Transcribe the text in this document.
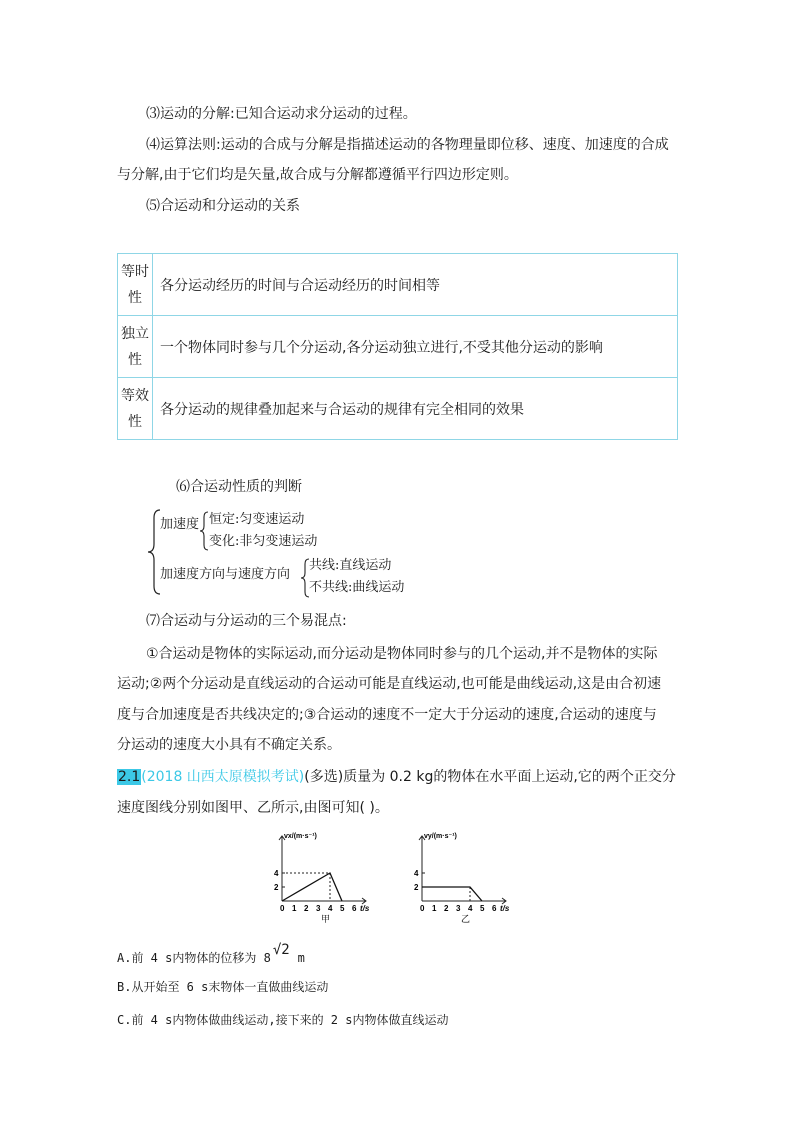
⑶运动的分解:已知合运动求分运动的过程。
⑷运算法则:运动的合成与分解是指描述运动的各物理量即位移、速度、加速度的合成
与分解,由于它们均是矢量,故合成与分解都遵循平行四边形定则。
⑸合运动和分运动的关系
等时
性	各分运动经历的时间与合运动经历的时间相等
独立
性	一个物体同时参与几个分运动,各分运动独立进行,不受其他分运动的影响
等效
性	各分运动的规律叠加起来与合运动的规律有完全相同的效果
⑹合运动性质的判断
加速度 恒定:匀变速运动
变化:非匀变速运动
加速度方向与速度方向
共线:直线运动
不共线:曲线运动
⑺合运动与分运动的三个易混点:
①合运动是物体的实际运动,而分运动是物体同时参与的几个运动,并不是物体的实际
运动;②两个分运动是直线运动的合运动可能是直线运动,也可能是曲线运动,这是由合初速
度与合加速度是否共线决定的;③合运动的速度不一定大于分运动的速度,合运动的速度与
分运动的速度大小具有不确定关系。
2.1(2018 山西太原模拟考试)(多选)质量为 0.2 kg的物体在水平面上运动,它的两个正交分
速度图线分别如图甲、乙所示,由图可知( )。
vx/(m·s⁻¹)
0 1 2 3 4 5 6 t/s
2
4
甲
vy/(m·s⁻¹)
0 1 2 3 4 5 6 t/s
2
4
乙
A.前 4 s内物体的位移为 8 √2 m
B.从开始至 6 s末物体一直做曲线运动
C.前 4 s内物体做曲线运动,接下来的 2 s内物体做直线运动
